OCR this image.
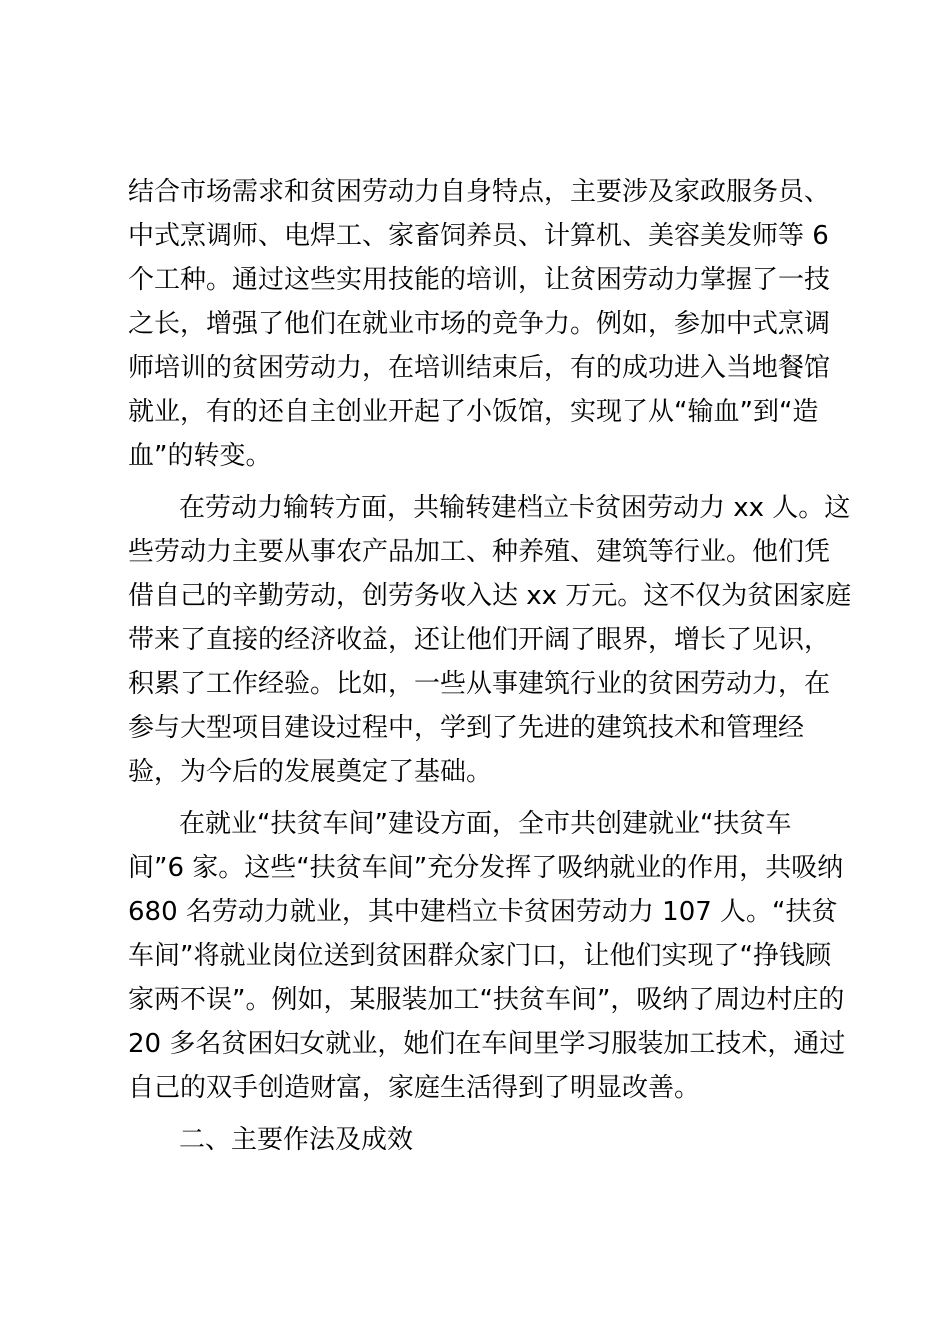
结合市场需求和贫困劳动力自身特点，主要涉及家政服务员、
中式烹调师、电焊工、家畜饲养员、计算机、美容美发师等 6
个工种。通过这些实用技能的培训，让贫困劳动力掌握了一技
之长，增强了他们在就业市场的竞争力。例如，参加中式烹调
师培训的贫困劳动力，在培训结束后，有的成功进入当地餐馆
就业，有的还自主创业开起了小饭馆，实现了从“输血”到“造
血”的转变。
在劳动力输转方面，共输转建档立卡贫困劳动力 xx 人。这
些劳动力主要从事农产品加工、种养殖、建筑等行业。他们凭
借自己的辛勤劳动，创劳务收入达 xx 万元。这不仅为贫困家庭
带来了直接的经济收益，还让他们开阔了眼界，增长了见识，
积累了工作经验。比如，一些从事建筑行业的贫困劳动力，在
参与大型项目建设过程中，学到了先进的建筑技术和管理经
验，为今后的发展奠定了基础。
在就业“扶贫车间”建设方面，全市共创建就业“扶贫车
间”6 家。这些“扶贫车间”充分发挥了吸纳就业的作用，共吸纳
680 名劳动力就业，其中建档立卡贫困劳动力 107 人。“扶贫
车间”将就业岗位送到贫困群众家门口，让他们实现了“挣钱顾
家两不误”。例如，某服装加工“扶贫车间”，吸纳了周边村庄的
20 多名贫困妇女就业，她们在车间里学习服装加工技术，通过
自己的双手创造财富，家庭生活得到了明显改善。
二、主要作法及成效
